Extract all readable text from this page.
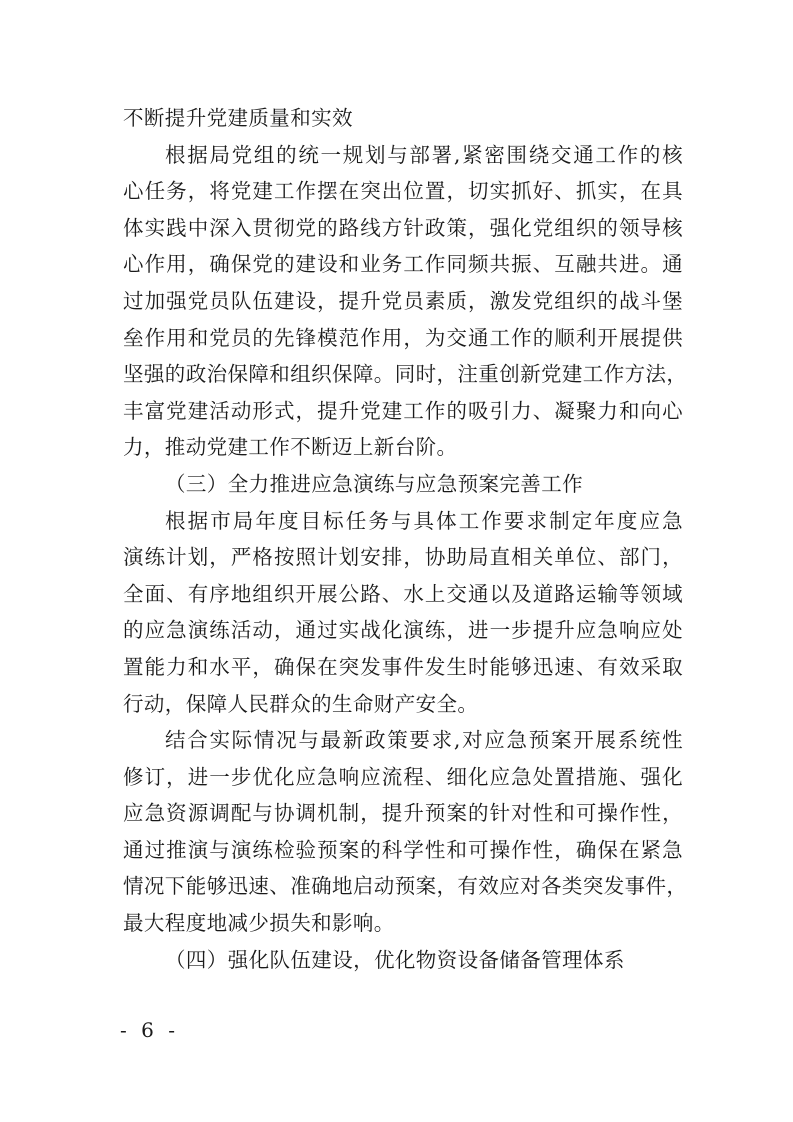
不断提升党建质量和实效
根据局党组的统一规划与部署,紧密围绕交通工作的核
心任务，将党建工作摆在突出位置，切实抓好、抓实，在具
体实践中深入贯彻党的路线方针政策，强化党组织的领导核
心作用，确保党的建设和业务工作同频共振、互融共进。通
过加强党员队伍建设，提升党员素质，激发党组织的战斗堡
垒作用和党员的先锋模范作用，为交通工作的顺利开展提供
坚强的政治保障和组织保障。同时，注重创新党建工作方法，
丰富党建活动形式，提升党建工作的吸引力、凝聚力和向心
力，推动党建工作不断迈上新台阶。
（三）全力推进应急演练与应急预案完善工作
根据市局年度目标任务与具体工作要求制定年度应急
演练计划，严格按照计划安排，协助局直相关单位、部门，
全面、有序地组织开展公路、水上交通以及道路运输等领域
的应急演练活动，通过实战化演练，进一步提升应急响应处
置能力和水平，确保在突发事件发生时能够迅速、有效采取
行动，保障人民群众的生命财产安全。
结合实际情况与最新政策要求,对应急预案开展系统性
修订，进一步优化应急响应流程、细化应急处置措施、强化
应急资源调配与协调机制，提升预案的针对性和可操作性，
通过推演与演练检验预案的科学性和可操作性，确保在紧急
情况下能够迅速、准确地启动预案，有效应对各类突发事件，
最大程度地减少损失和影响。
（四）强化队伍建设，优化物资设备储备管理体系
- 6 -
